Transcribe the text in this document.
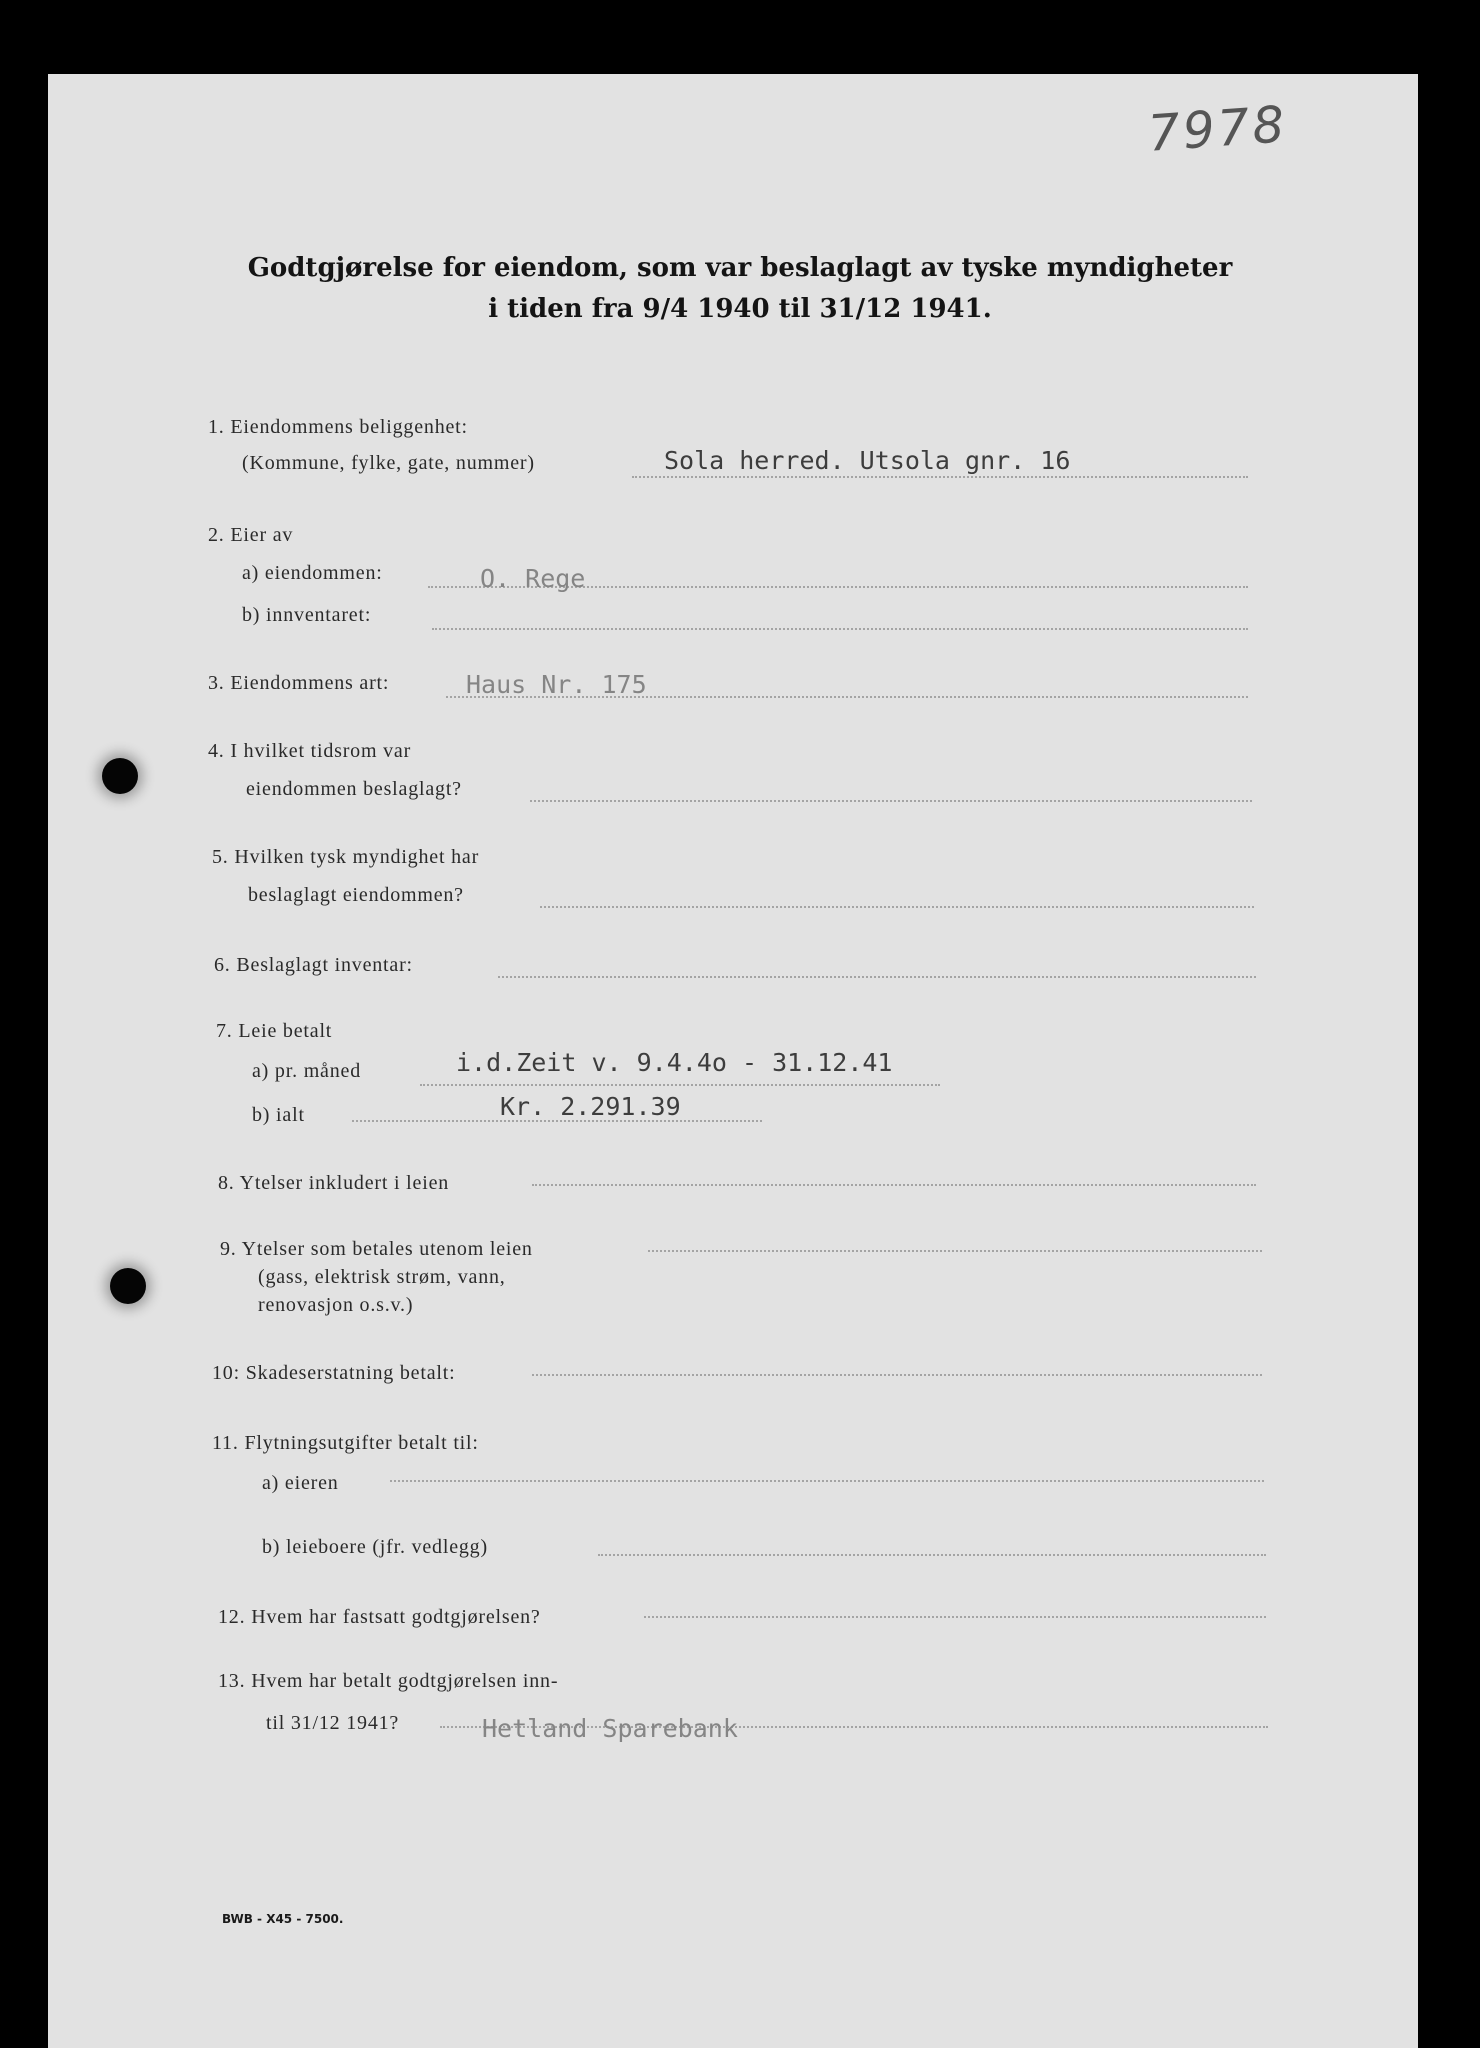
7978
Godtgjørelse for eiendom, som var beslaglagt av tyske myndigheter
i tiden fra 9/4 1940 til 31/12 1941.
1. Eiendommens beliggenhet:
(Kommune, fylke, gate, nummer)	Sola herred. Utsola gnr. 16
2. Eier av
a) eiendommen:	O. Rege
b) innventaret:
3. Eiendommens art:	Haus Nr. 175
4. I hvilket tidsrom var
eiendommen beslaglagt?
5. Hvilken tysk myndighet har
beslaglagt eiendommen?
6. Beslaglagt inventar:
7. Leie betalt
a) pr. måned	i.d.Zeit v. 9.4.4o - 31.12.41
b) ialt	Kr. 2.291.39
8. Ytelser inkludert i leien
9. Ytelser som betales utenom leien
(gass, elektrisk strøm, vann,
renovasjon o.s.v.)
10: Skadeserstatning betalt:
11. Flytningsutgifter betalt til:
a) eieren
b) leieboere (jfr. vedlegg)
12. Hvem har fastsatt godtgjørelsen?
13. Hvem har betalt godtgjørelsen inn-
til 31/12 1941?	Hetland Sparebank
BWB - X45 - 7500.
